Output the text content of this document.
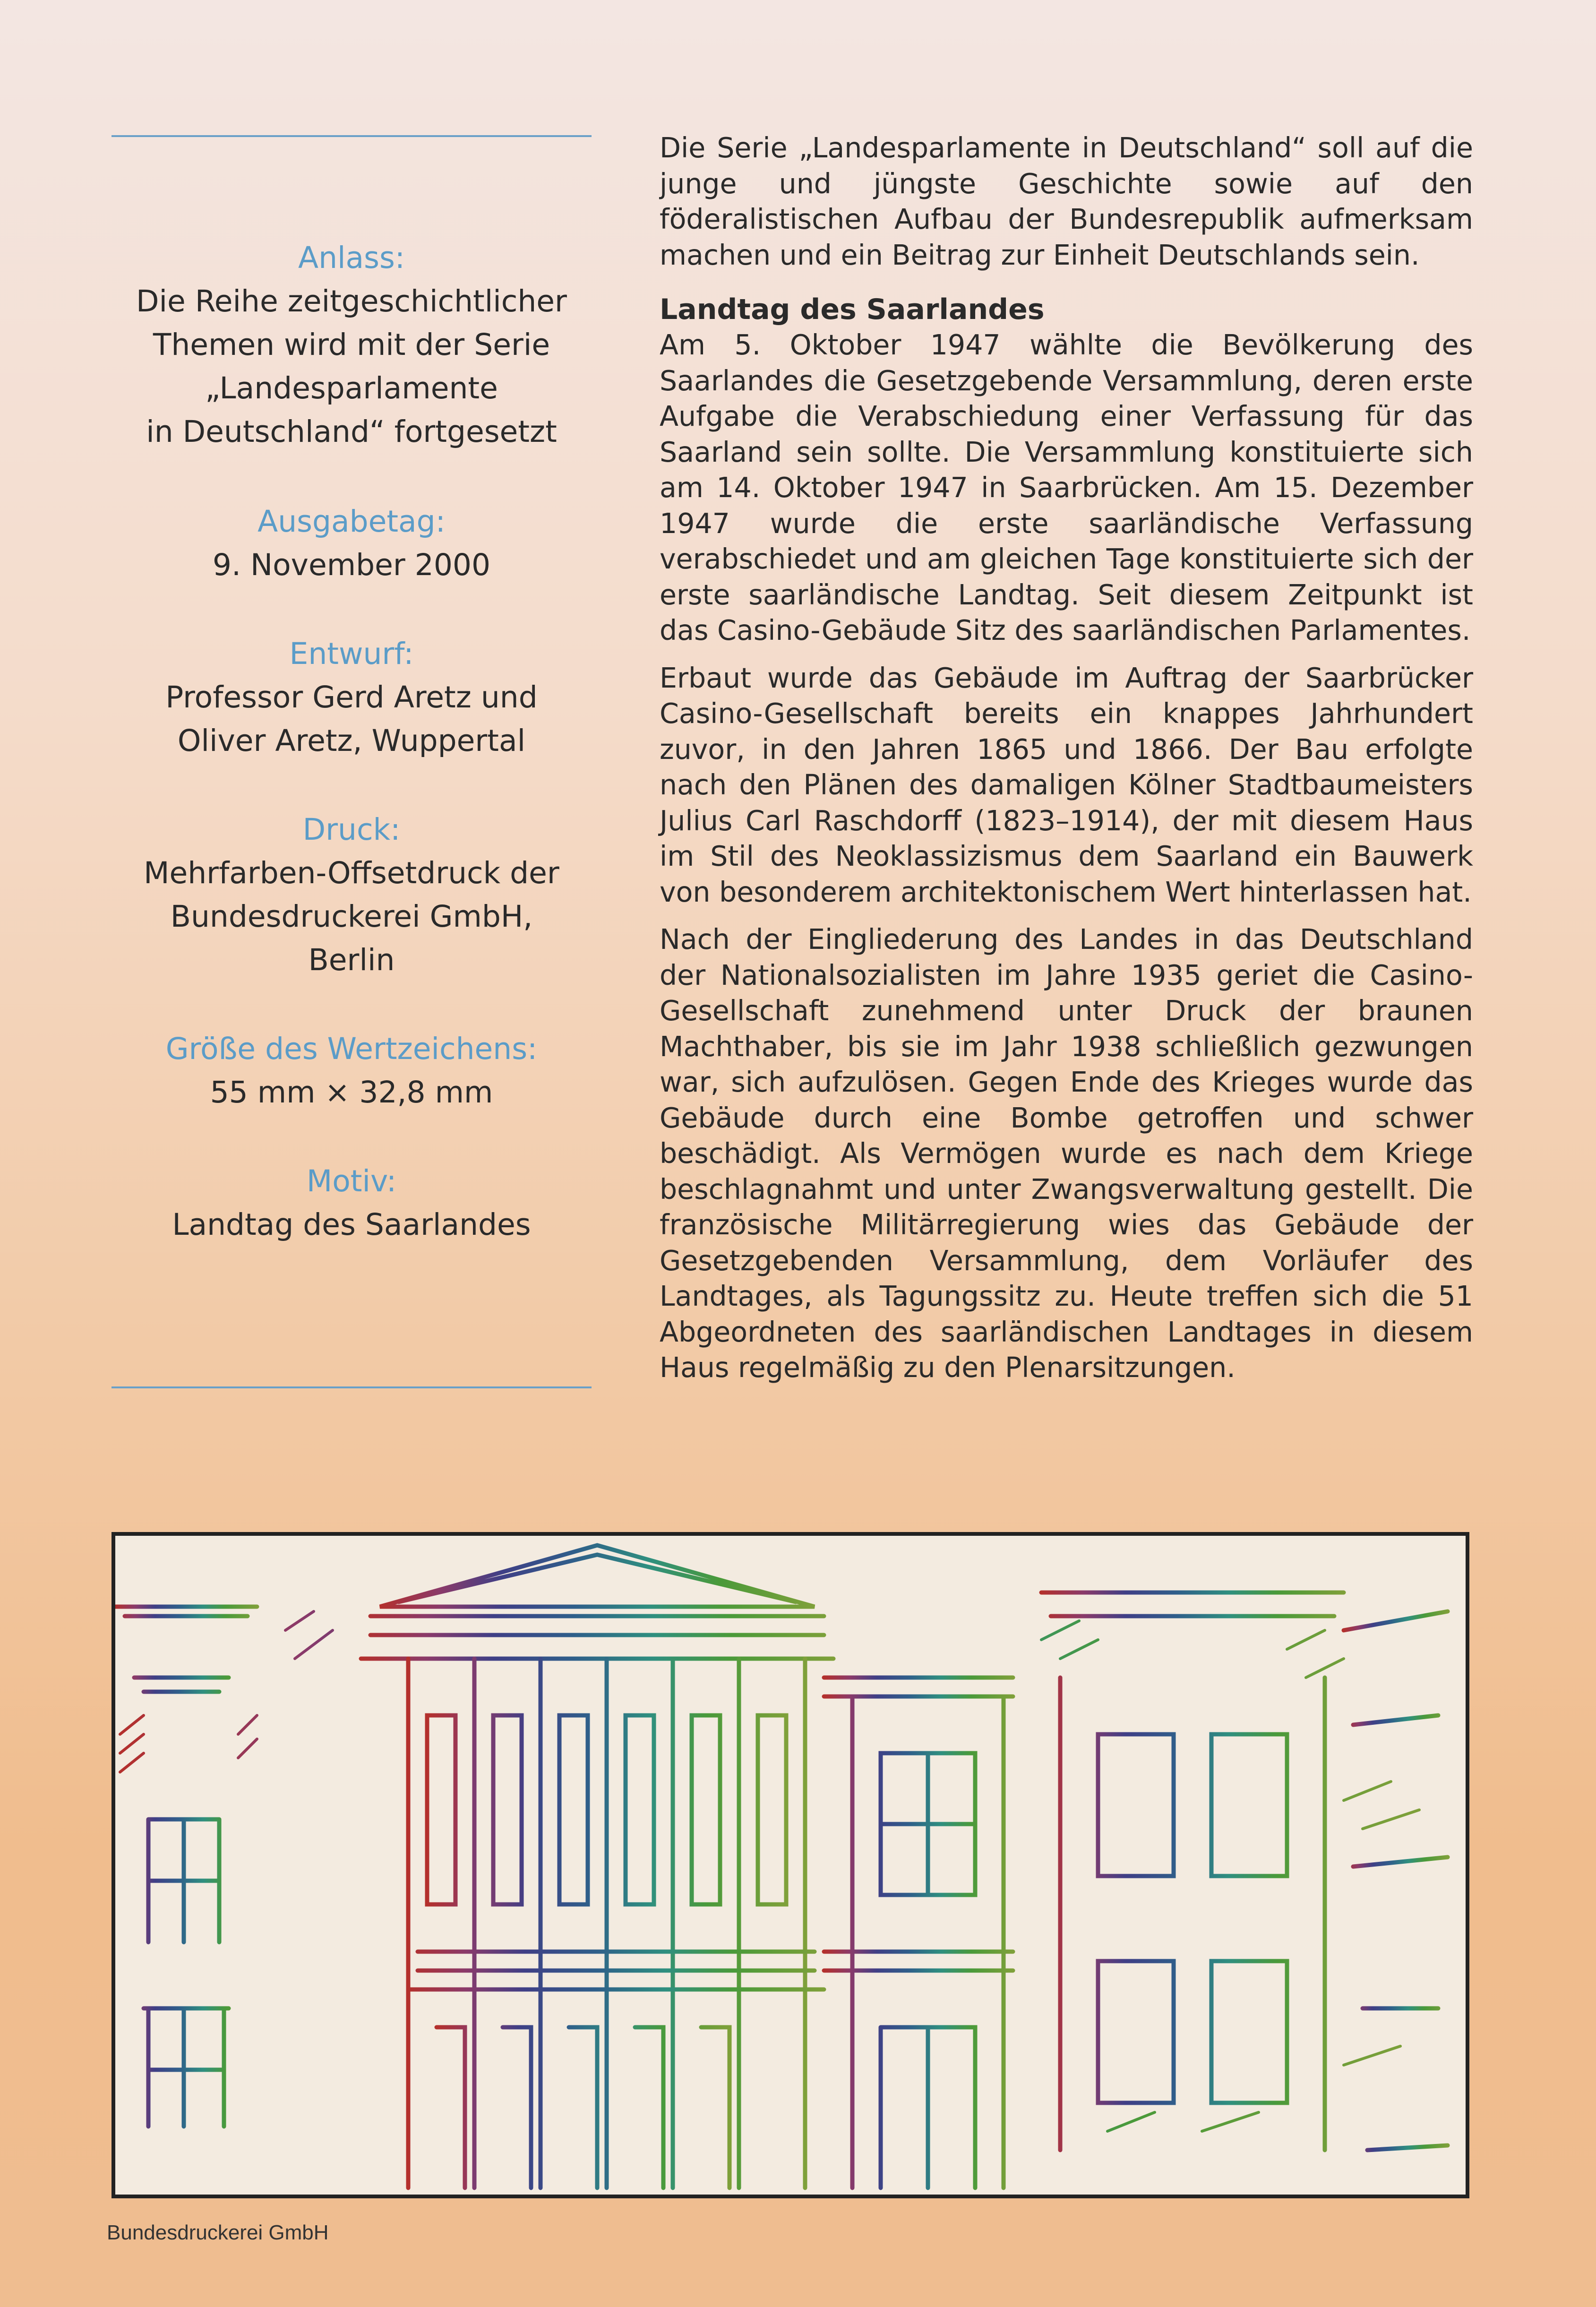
Anlass:
Die Reihe zeitgeschichtlicher
Themen wird mit der Serie
„Landesparlamente
in Deutschland“ fortgesetzt
Ausgabetag:
9. November 2000
Entwurf:
Professor Gerd Aretz und
Oliver Aretz, Wuppertal
Druck:
Mehrfarben-Offsetdruck der
Bundesdruckerei GmbH,
Berlin
Größe des Wertzeichens:
55 mm × 32,8 mm
Motiv:
Landtag des Saarlandes

Die Serie „Landesparlamente in Deutschland“ soll auf die junge und jüngste Geschichte sowie auf den föderalistischen Aufbau der Bundesrepublik aufmerksam machen und ein Beitrag zur Einheit Deutschlands sein.

Landtag des Saarlandes

Am 5. Oktober 1947 wählte die Bevölkerung des Saarlandes die Gesetzgebende Versammlung, deren erste Aufgabe die Verabschiedung einer Verfassung für das Saarland sein sollte. Die Versammlung konstituierte sich am 14. Oktober 1947 in Saarbrücken. Am 15. Dezember 1947 wurde die erste saarländische Verfassung verabschiedet und am gleichen Tage konstituierte sich der erste saarländische Landtag. Seit diesem Zeitpunkt ist das Casino-Gebäude Sitz des saarländischen Parlamentes.

Erbaut wurde das Gebäude im Auftrag der Saarbrücker Casino-Gesellschaft bereits ein knappes Jahrhundert zuvor, in den Jahren 1865 und 1866. Der Bau erfolgte nach den Plänen des damaligen Kölner Stadtbaumeisters Julius Carl Raschdorff (1823–1914), der mit diesem Haus im Stil des Neoklassizismus dem Saarland ein Bauwerk von besonderem architektonischem Wert hinterlassen hat.

Nach der Eingliederung des Landes in das Deutschland der Nationalsozialisten im Jahre 1935 geriet die Casino-Gesellschaft zunehmend unter Druck der braunen Machthaber, bis sie im Jahr 1938 schließlich gezwungen war, sich aufzulösen. Gegen Ende des Krieges wurde das Gebäude durch eine Bombe getroffen und schwer beschädigt. Als Vermögen wurde es nach dem Kriege beschlagnahmt und unter Zwangsverwaltung gestellt. Die französische Militärregierung wies das Gebäude der Gesetzgebenden Versammlung, dem Vorläufer des Landtages, als Tagungssitz zu. Heute treffen sich die 51 Abgeordneten des saarländischen Landtages in diesem Haus regelmäßig zu den Plenarsitzungen.

Bundesdruckerei GmbH
